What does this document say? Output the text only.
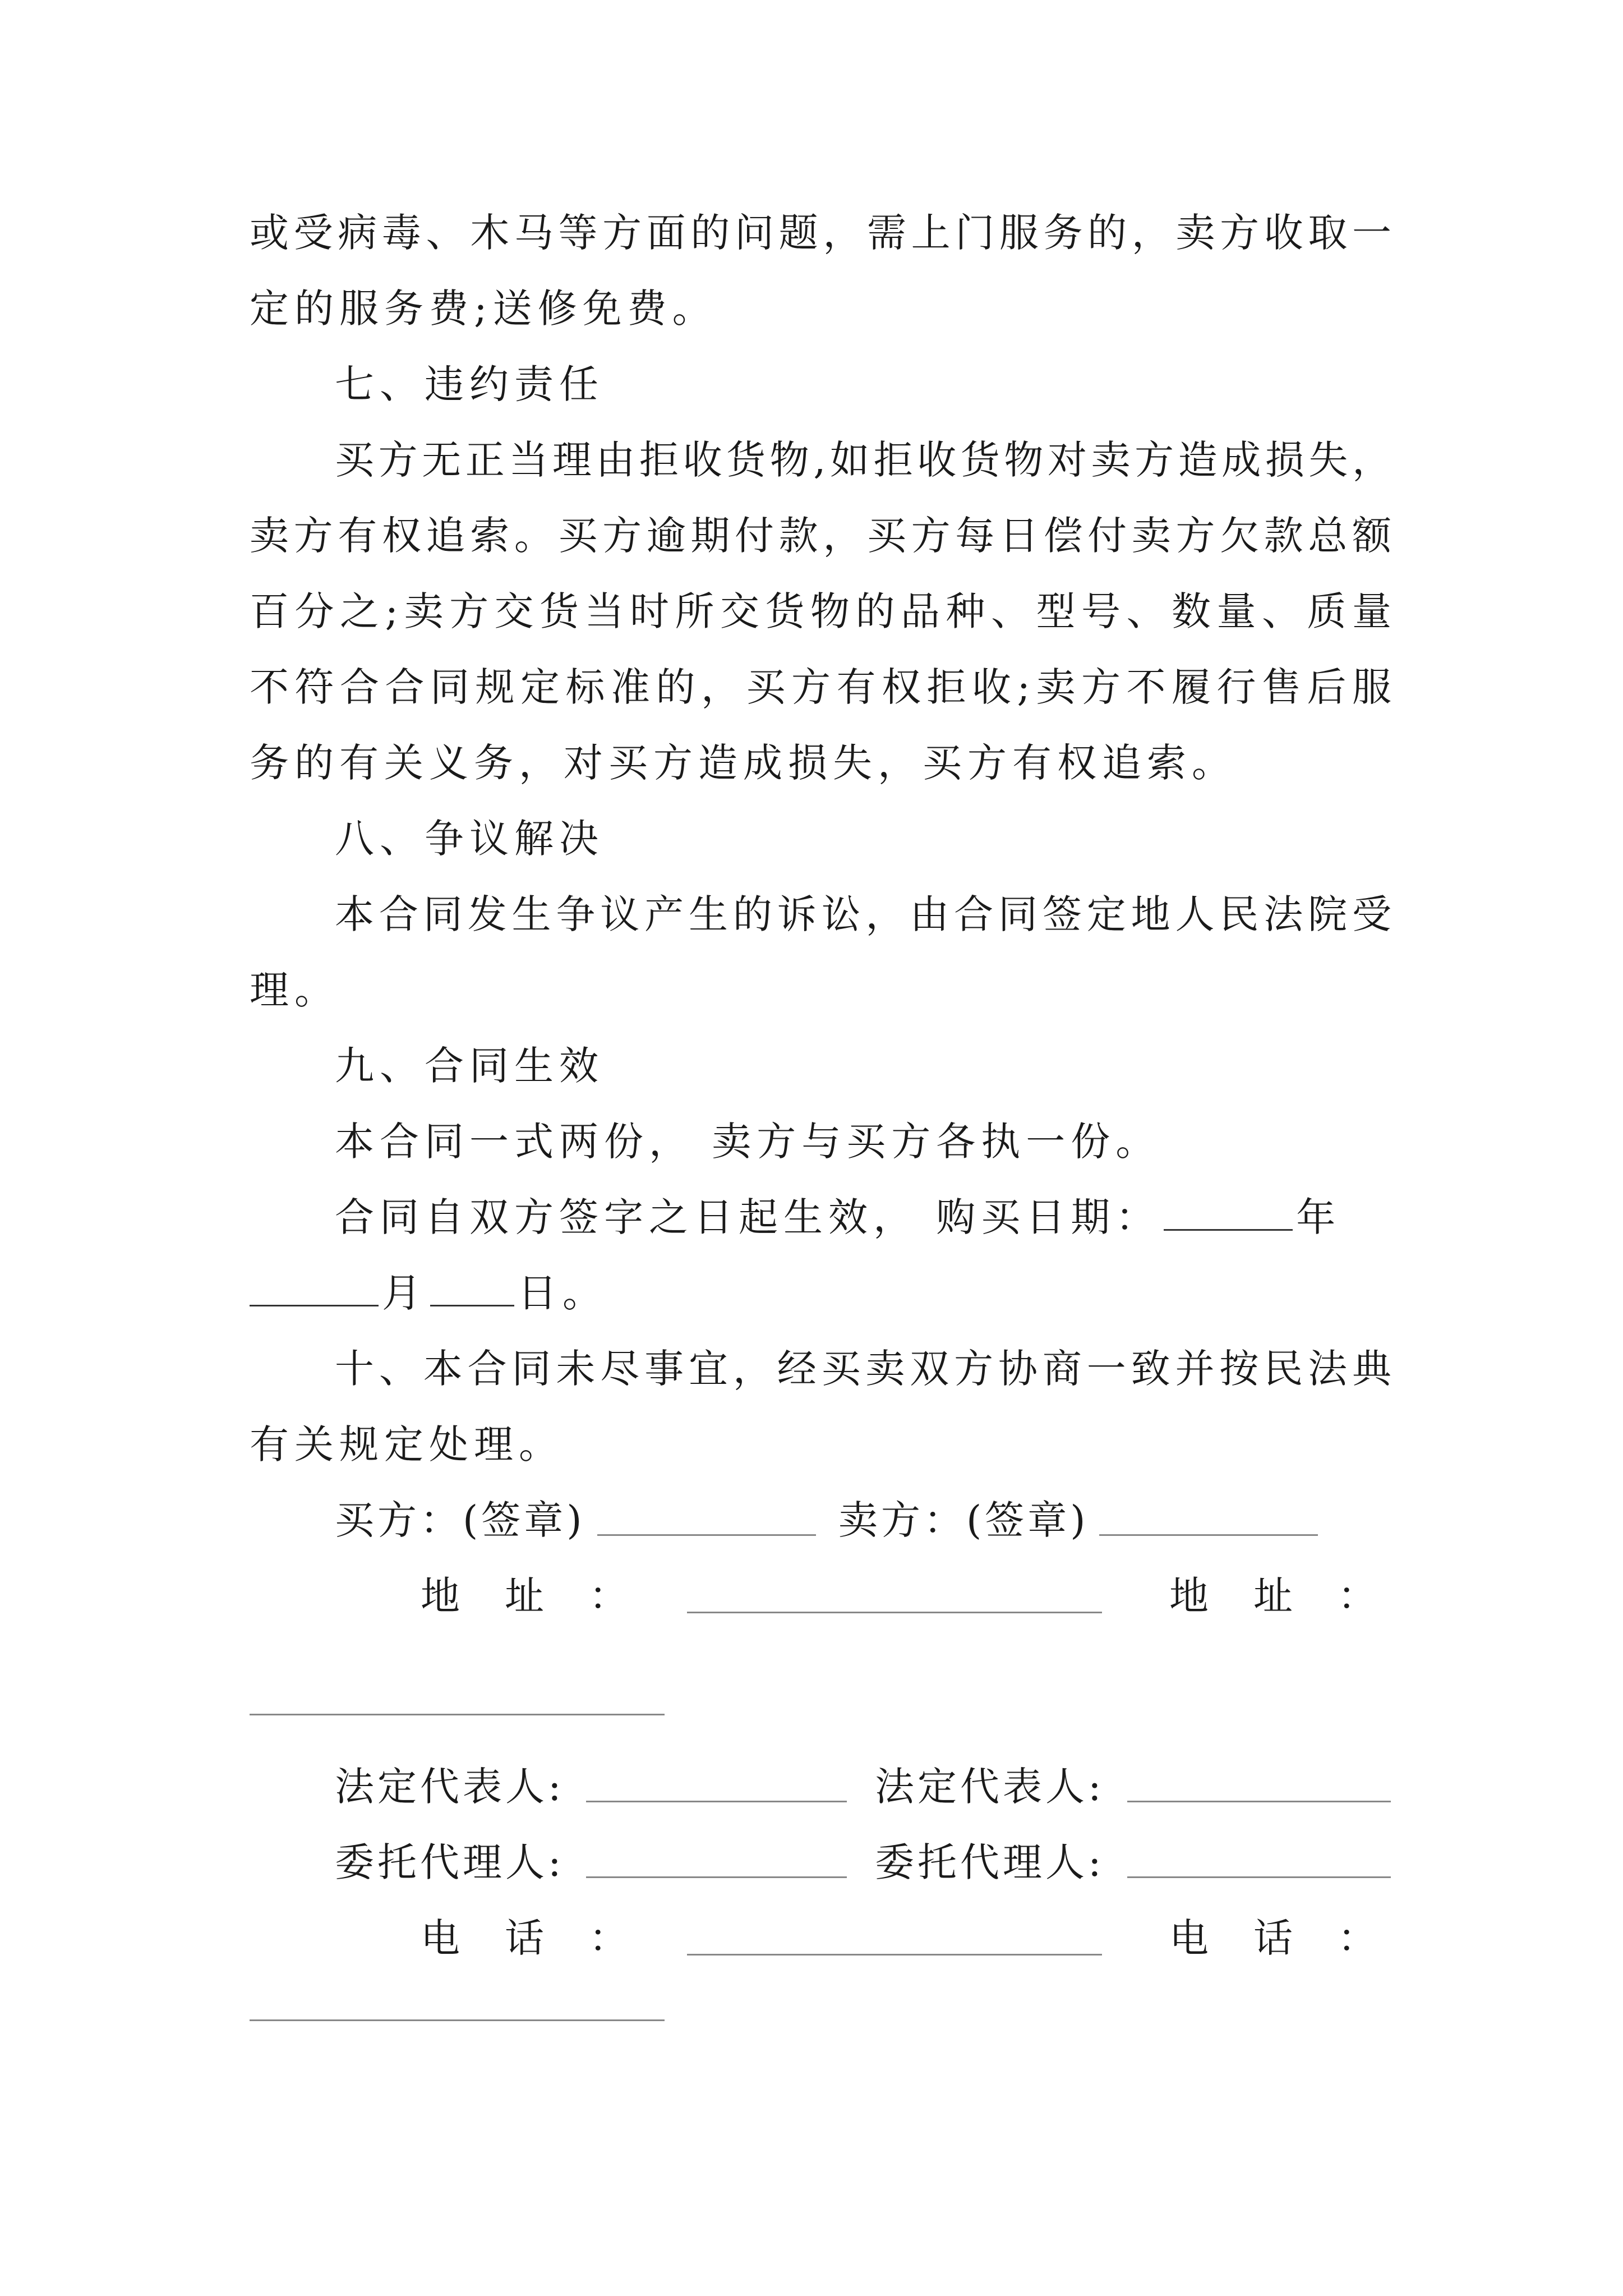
或受病毒、木马等方面的问题，需上门服务的，卖方收取一
定的服务费;送修免费。
七、违约责任
买方无正当理由拒收货物,如拒收货物对卖方造成损失，
卖方有权追索。买方逾期付款，买方每日偿付卖方欠款总额
百分之;卖方交货当时所交货物的品种、型号、数量、质量
不符合合同规定标准的，买方有权拒收;卖方不履行售后服
务的有关义务，对买方造成损失，买方有权追索。
八、争议解决
本合同发生争议产生的诉讼，由合同签定地人民法院受
理。
九、合同生效
本合同一式两份， 卖方与买方各执一份。
合同自双方签字之日起生效， 购买日期：	年
月 日。
十、本合同未尽事宜，经买卖双方协商一致并按民法典
有关规定处理。
买方：(签章)	卖方：(签章)
地址：	地址：
法定代表人:	法定代表人:
委托代理人:	委托代理人:
电话：	电话：
